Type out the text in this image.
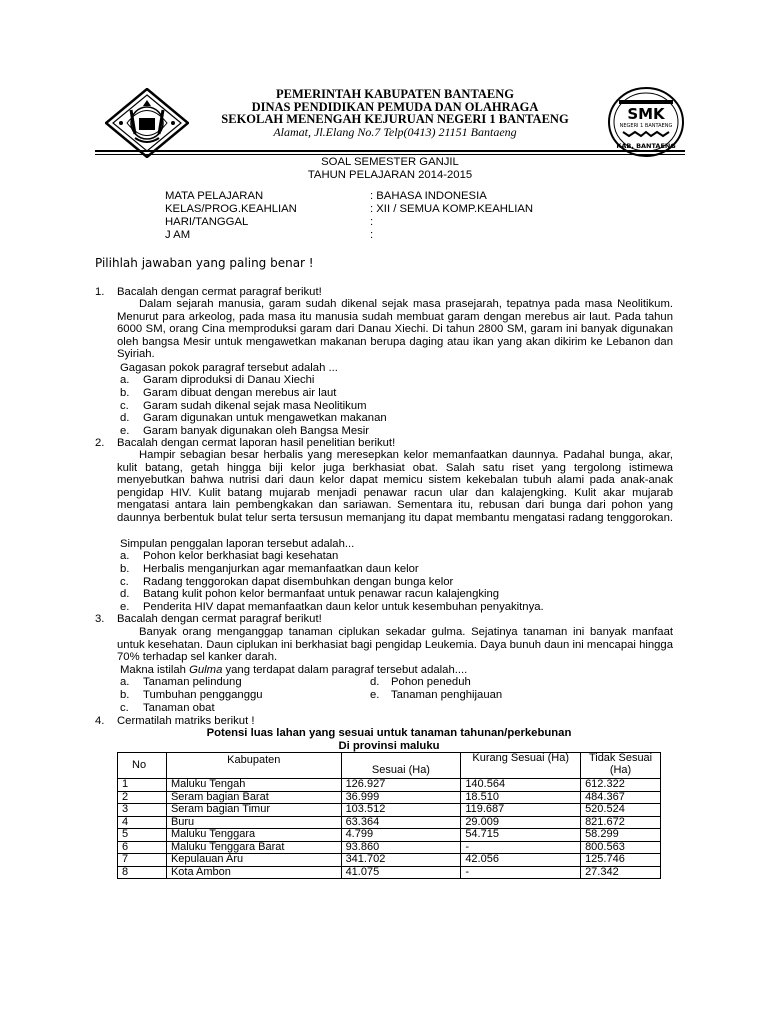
PEMERINTAH KABUPATEN BANTAENG
DINAS PENDIDIKAN PEMUDA DAN OLAHRAGA
SEKOLAH MENENGAH KEJURUAN NEGERI 1 BANTAENG
Alamat, Jl.Elang No.7 Telp(0413) 21151 Bantaeng
SMK
NEGERI 1 BANTAENG
KAB. BANTAENG
SOAL SEMESTER GANJIL
TAHUN PELAJARAN 2014-2015
MATA PELAJARAN	: BAHASA INDONESIA
KELAS/PROG.KEAHLIAN	: XII / SEMUA KOMP.KEAHLIAN
HARI/TANGGAL	:
J AM	:
Pilihlah jawaban yang paling benar !
1. Bacalah dengan cermat paragraf berikut!
Dalam sejarah manusia, garam sudah dikenal sejak masa prasejarah, tepatnya pada masa Neolitikum. Menurut para arkeolog, pada masa itu manusia sudah membuat garam dengan merebus air laut. Pada tahun 6000 SM, orang Cina memproduksi garam dari Danau Xiechi. Di tahun 2800 SM, garam ini banyak digunakan oleh bangsa Mesir untuk mengawetkan makanan berupa daging atau ikan yang akan dikirim ke Lebanon dan Syiriah.
Gagasan pokok paragraf tersebut adalah ...
a. Garam diproduksi di Danau Xiechi
b. Garam dibuat dengan merebus air laut
c. Garam sudah dikenal sejak masa Neolitikum
d. Garam digunakan untuk mengawetkan makanan
e. Garam banyak digunakan oleh Bangsa Mesir
2. Bacalah dengan cermat laporan hasil penelitian berikut!
Hampir sebagian besar herbalis yang meresepkan kelor memanfaatkan daunnya. Padahal bunga, akar, kulit batang, getah hingga biji kelor juga berkhasiat obat. Salah satu riset yang tergolong istimewa menyebutkan bahwa nutrisi dari daun kelor dapat memicu sistem kekebalan tubuh alami pada anak-anak pengidap HIV. Kulit batang mujarab menjadi penawar racun ular dan kalajengking. Kulit akar mujarab mengatasi antara lain pembengkakan dan sariawan. Sementara itu, rebusan dari bunga dari pohon yang daunnya berbentuk bulat telur serta tersusun memanjang itu dapat membantu mengatasi radang tenggorokan.
Simpulan penggalan laporan tersebut adalah...
a. Pohon kelor berkhasiat bagi kesehatan
b. Herbalis menganjurkan agar memanfaatkan daun kelor
c. Radang tenggorokan dapat disembuhkan dengan bunga kelor
d. Batang kulit pohon kelor bermanfaat untuk penawar racun kalajengking
e. Penderita HIV dapat memanfaatkan daun kelor untuk kesembuhan penyakitnya.
3. Bacalah dengan cermat paragraf berikut!
Banyak orang menganggap tanaman ciplukan sekadar gulma. Sejatinya tanaman ini banyak manfaat untuk kesehatan. Daun ciplukan ini berkhasiat bagi pengidap Leukemia. Daya bunuh daun ini mencapai hingga 70% terhadap sel kanker darah.
Makna istilah Gulma yang terdapat dalam paragraf tersebut adalah....
a. Tanaman pelindung
b. Tumbuhan pengganggu
c. Tanaman obat
d. Pohon peneduh
e. Tanaman penghijauan
4. Cermatilah matriks berikut !
Potensi luas lahan yang sesuai untuk tanaman tahunan/perkebunan
Di provinsi maluku
No	Kabupaten	Sesuai (Ha)	Kurang Sesuai (Ha)	Tidak Sesuai
(Ha)
1	Maluku Tengah	126.927	140.564	612.322
2	Seram bagian Barat	36.999	18.510	484.367
3	Seram bagian Timur	103.512	119.687	520.524
4	Buru	63.364	29.009	821.672
5	Maluku Tenggara	4.799	54.715	58.299
6	Maluku Tenggara Barat	93.860	-	800.563
7	Kepulauan Aru	341.702	42.056	125.746
8	Kota Ambon	41.075	-	27.342
